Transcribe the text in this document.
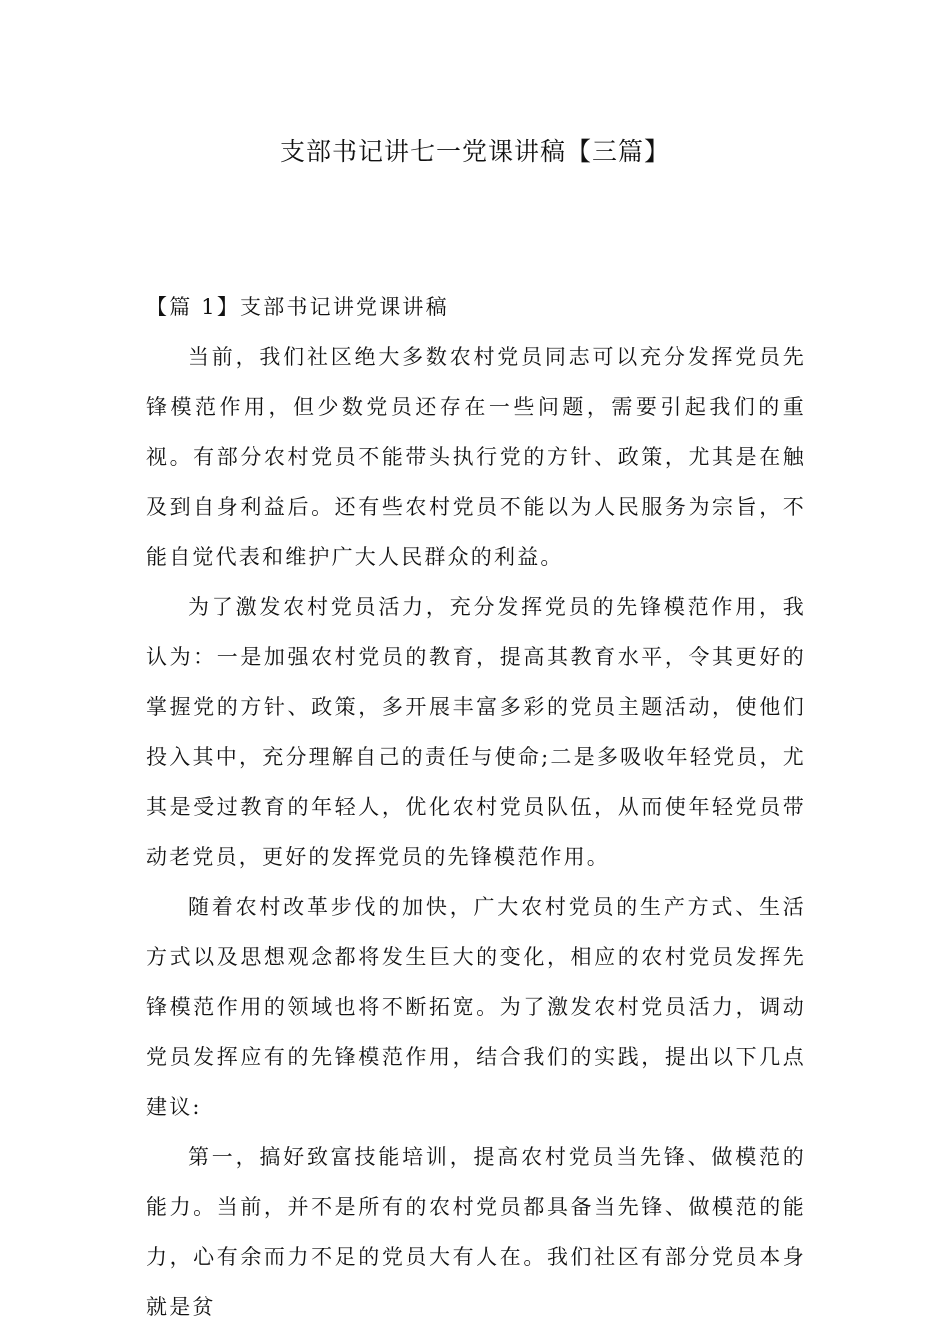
支部书记讲七一党课讲稿【三篇】

【篇 1】支部书记讲党课讲稿

当前，我们社区绝大多数农村党员同志可以充分发挥党员先锋模范作用，但少数党员还存在一些问题，需要引起我们的重视。有部分农村党员不能带头执行党的方针、政策，尤其是在触及到自身利益后。还有些农村党员不能以为人民服务为宗旨，不能自觉代表和维护广大人民群众的利益。

为了激发农村党员活力，充分发挥党员的先锋模范作用，我认为：一是加强农村党员的教育，提高其教育水平，令其更好的掌握党的方针、政策，多开展丰富多彩的党员主题活动，使他们投入其中，充分理解自己的责任与使命;二是多吸收年轻党员，尤其是受过教育的年轻人，优化农村党员队伍，从而使年轻党员带动老党员，更好的发挥党员的先锋模范作用。

随着农村改革步伐的加快，广大农村党员的生产方式、生活方式以及思想观念都将发生巨大的变化，相应的农村党员发挥先锋模范作用的领域也将不断拓宽。为了激发农村党员活力，调动党员发挥应有的先锋模范作用，结合我们的实践，提出以下几点建议:

第一，搞好致富技能培训，提高农村党员当先锋、做模范的能力。当前，并不是所有的农村党员都具备当先锋、做模范的能力，心有余而力不足的党员大有人在。我们社区有部分党员本身就是贫
